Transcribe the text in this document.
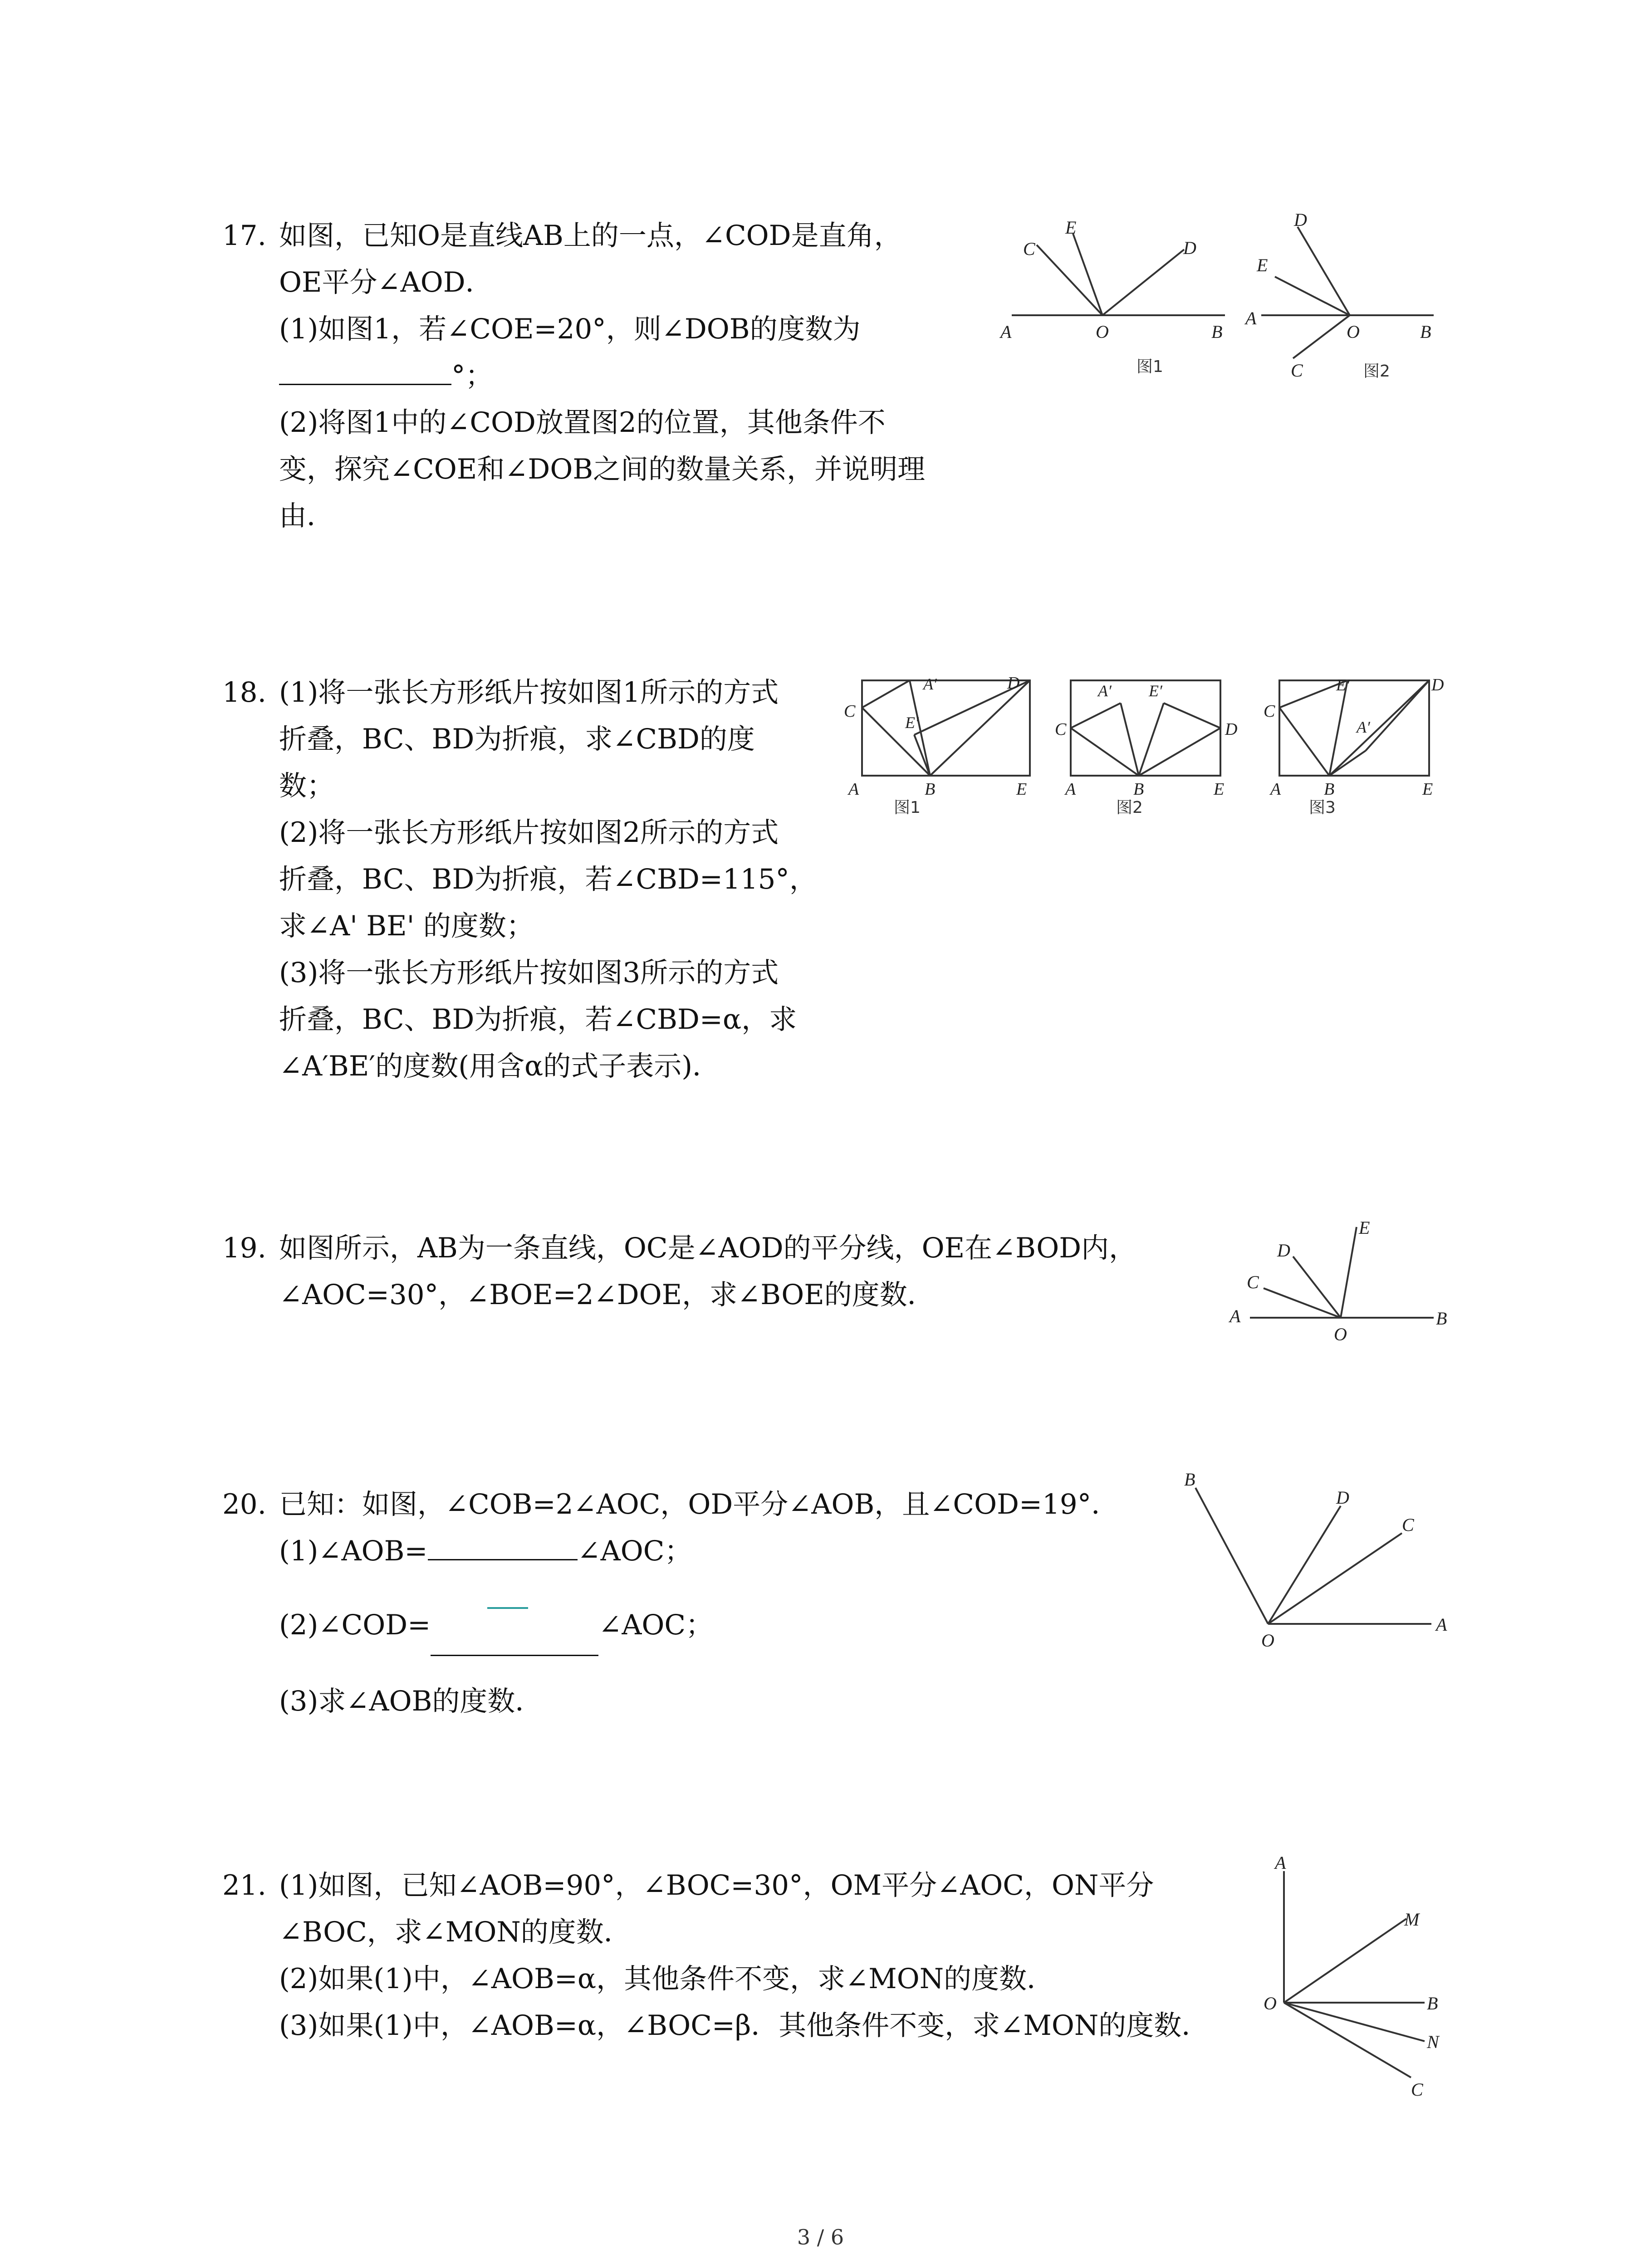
17. 如图，已知O是直线AB上的一点，∠COD是直角，
OE平分∠AOD．
(1)如图1，若∠COE=20°，则∠DOB的度数为
°；
(2)将图1中的∠COD放置图2的位置，其他条件不
变，探究∠COE和∠DOB之间的数量关系，并说明理
由．
A	O	B
C
E
D
图1
A
O	B
D
E
C	图2
18. (1)将一张长方形纸片按如图1所示的方式
折叠，BC、BD为折痕，求∠CBD的度
数；
(2)将一张长方形纸片按如图2所示的方式
折叠，BC、BD为折痕，若∠CBD=115°，
求∠A' BE' 的度数；
(3)将一张长方形纸片按如图3所示的方式
折叠，BC、BD为折痕，若∠CBD=α，求
∠A′BE′的度数(用含α的式子表示)．
C
A′
E′
D
A	B	E
图1
C
A′ E′
D
A	B	E
图2
C
E′
A′
D
A B	E
图3
19. 如图所示，AB为一条直线，OC是∠AOD的平分线，OE在∠BOD内，
∠AOC=30°，∠BOE=2∠DOE，求∠BOE的度数．
A
O
B
C
D
E
20. 已知：如图，∠COB=2∠AOC，OD平分∠AOB，且∠COD=19°．
(1)∠AOB=	∠AOC；
(2)∠COD=	∠AOC；
(3)求∠AOB的度数．
O
A
C
D
B
21. (1)如图，已知∠AOB=90°，∠BOC=30°，OM平分∠AOC，ON平分
∠BOC，求∠MON的度数．
(2)如果(1)中，∠AOB=α，其他条件不变，求∠MON的度数．
(3)如果(1)中，∠AOB=α，∠BOC=β．其他条件不变，求∠MON的度数．
A
O
M
B
N
C
3 / 6
